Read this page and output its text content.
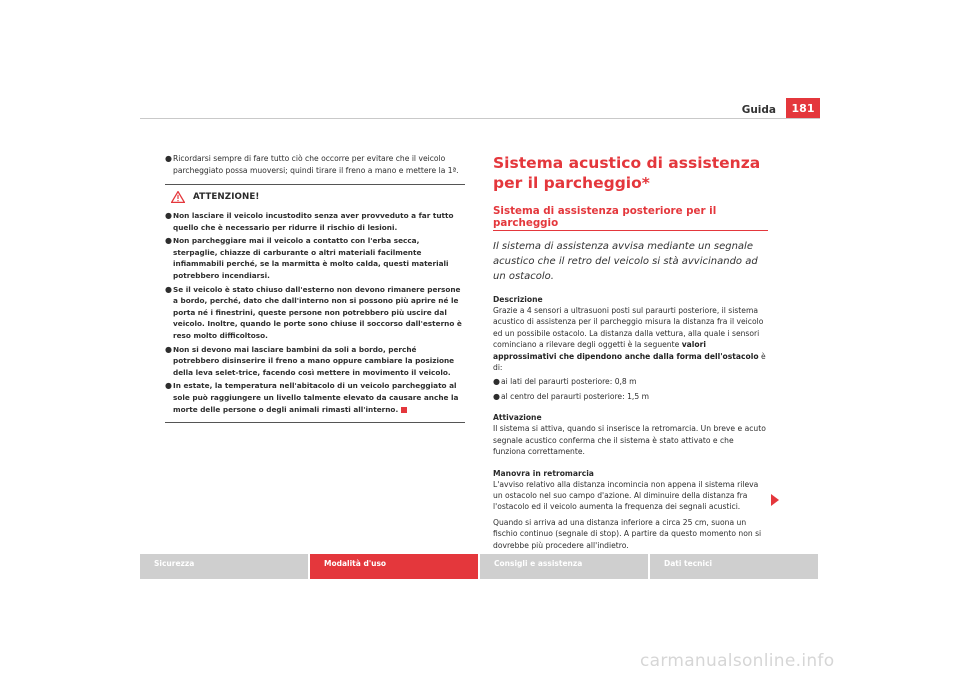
Guida	181
● Ricordarsi sempre di fare tutto ciò che occorre per evitare che il veicolo parcheggiato possa muoversi; quindi tirare il freno a mano e mettere la 1ª.
ATTENZIONE!
● Non lasciare il veicolo incustodito senza aver provveduto a far tutto quello che è necessario per ridurre il rischio di lesioni.
● Non parcheggiare mai il veicolo a contatto con l'erba secca, sterpaglie, chiazze di carburante o altri materiali facilmente infiammabili perché, se la marmitta è molto calda, questi materiali potrebbero incendiarsi.
● Se il veicolo è stato chiuso dall'esterno non devono rimanere persone a bordo, perché, dato che dall'interno non si possono più aprire né le porta né i finestrini, queste persone non potrebbero più uscire dal veicolo. Inoltre, quando le porte sono chiuse il soccorso dall'esterno è reso molto difficoltoso.
● Non si devono mai lasciare bambini da soli a bordo, perché potrebbero disinserire il freno a mano oppure cambiare la posizione della leva selet-trice, facendo così mettere in movimento il veicolo.
● In estate, la temperatura nell'abitacolo di un veicolo parcheggiato al sole può raggiungere un livello talmente elevato da causare anche la morte delle persone o degli animali rimasti all'interno.
Sistema acustico di assistenza per il parcheggio*
Sistema di assistenza posteriore per il parcheggio
Il sistema di assistenza avvisa mediante un segnale acustico che il retro del veicolo si stà avvicinando ad un ostacolo.
Descrizione
Grazie a 4 sensori a ultrasuoni posti sul paraurti posteriore, il sistema acustico di assistenza per il parcheggio misura la distanza fra il veicolo ed un possibile ostacolo. La distanza dalla vettura, alla quale i sensori cominciano a rilevare degli oggetti è la seguente valori approssimativi che dipendono anche dalla forma dell'ostacolo è di:
● ai lati del paraurti posteriore: 0,8 m
● al centro del paraurti posteriore: 1,5 m
Attivazione
Il sistema si attiva, quando si inserisce la retromarcia. Un breve e acuto segnale acustico conferma che il sistema è stato attivato e che funziona correttamente.
Manovra in retromarcia
L'avviso relativo alla distanza incomincia non appena il sistema rileva un ostacolo nel suo campo d'azione. Al diminuire della distanza fra l'ostacolo ed il veicolo aumenta la frequenza dei segnali acustici.
Quando si arriva ad una distanza inferiore a circa 25 cm, suona un fischio continuo (segnale di stop). A partire da questo momento non si dovrebbe più procedere all'indietro.
Sicurezza	Modalità d'uso	Consigli e assistenza	Dati tecnici
carmanualsonline.info
